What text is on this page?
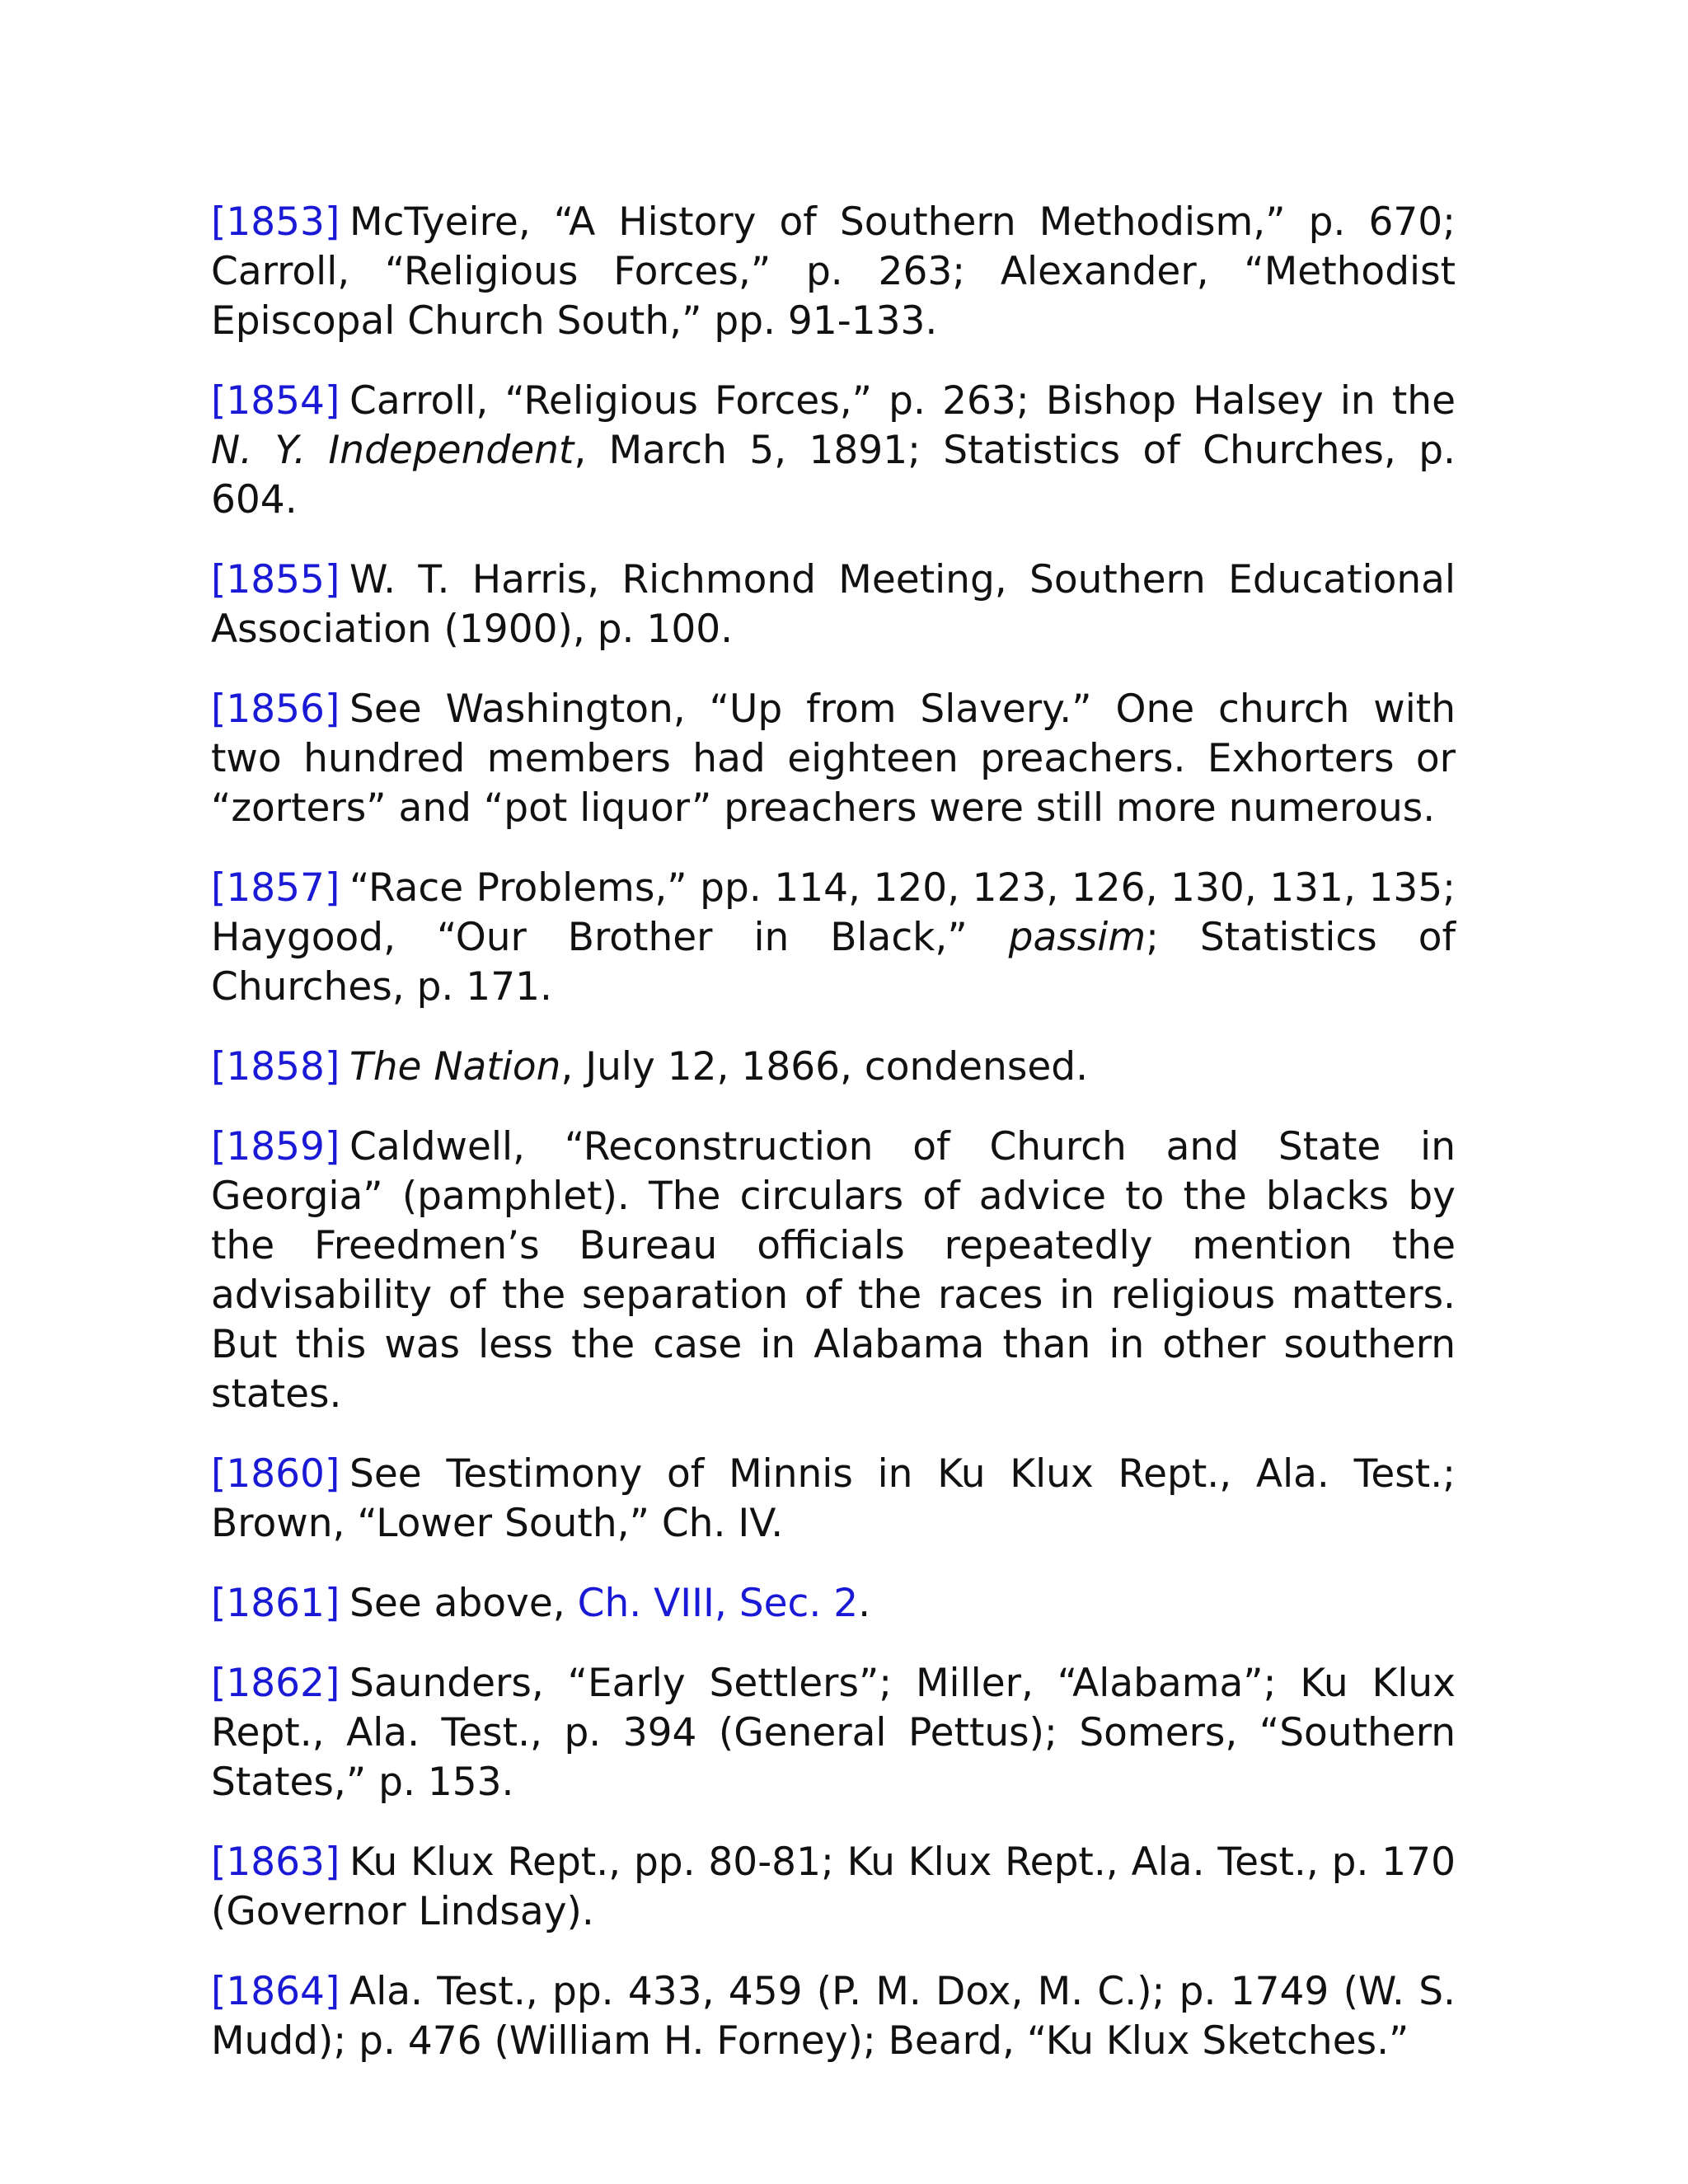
[1853] McTyeire, “A History of Southern Methodism,” p. 670; Carroll, “Religious Forces,” p. 263; Alexander, “Methodist Episcopal Church South,” pp. 91-133.

[1854] Carroll, “Religious Forces,” p. 263; Bishop Halsey in the N. Y. Independent, March 5, 1891; Statistics of Churches, p. 604.

[1855] W. T. Harris, Richmond Meeting, Southern Educational Association (1900), p. 100.

[1856] See Washington, “Up from Slavery.” One church with two hundred members had eighteen preachers. Exhorters or “zorters” and “pot liquor” preachers were still more numerous.

[1857] “Race Problems,” pp. 114, 120, 123, 126, 130, 131, 135; Haygood, “Our Brother in Black,” passim; Statistics of Churches, p. 171.

[1858] The Nation, July 12, 1866, condensed.

[1859] Caldwell, “Reconstruction of Church and State in Georgia” (pamphlet). The circulars of advice to the blacks by the Freedmen’s Bureau officials repeatedly mention the advisability of the separation of the races in religious matters. But this was less the case in Alabama than in other southern states.

[1860] See Testimony of Minnis in Ku Klux Rept., Ala. Test.; Brown, “Lower South,” Ch. IV.

[1861] See above, Ch. VIII, Sec. 2.

[1862] Saunders, “Early Settlers”; Miller, “Alabama”; Ku Klux Rept., Ala. Test., p. 394 (General Pettus); Somers, “Southern States,” p. 153.

[1863] Ku Klux Rept., pp. 80-81; Ku Klux Rept., Ala. Test., p. 170 (Governor Lindsay).

[1864] Ala. Test., pp. 433, 459 (P. M. Dox, M. C.); p. 1749 (W. S. Mudd); p. 476 (William H. Forney); Beard, “Ku Klux Sketches.”
